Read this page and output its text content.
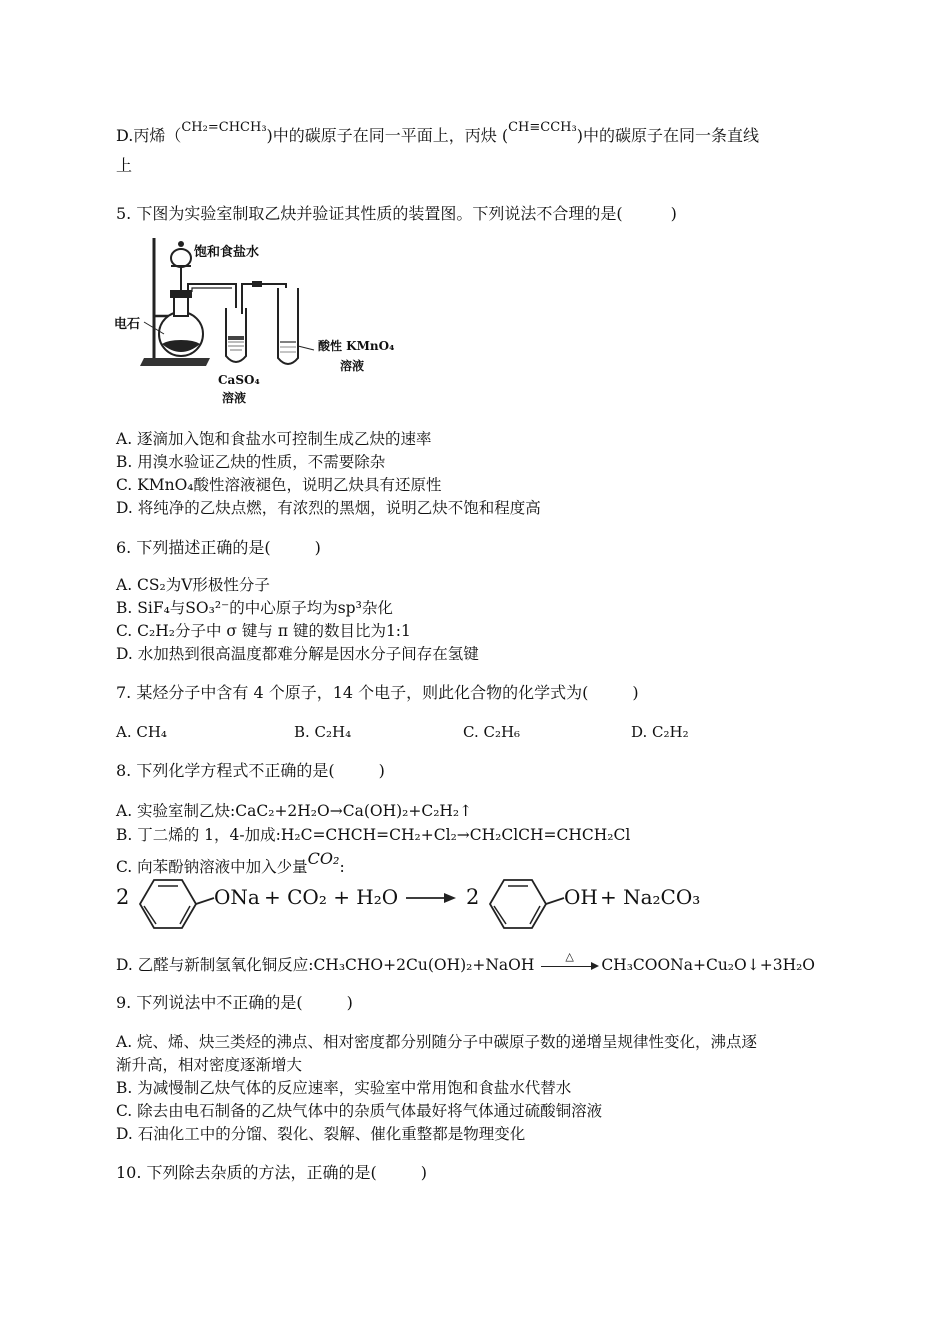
D.丙烯（$^{CH_2=CHCH_3}$)中的碳原子在同一平面上，丙炔 ($^{CH\equiv CCH_3}$)中的碳原子在同一条直线
上
5. 下图为实验室制取乙炔并验证其性质的装置图。下列说法不合理的是(	)
饱和食盐水
电石
CaSO₄
溶液
酸性 KMnO₄
溶液
A. 逐滴加入饱和食盐水可控制生成乙炔的速率
B. 用溴水验证乙炔的性质，不需要除杂
C. KMnO₄酸性溶液褪色，说明乙炔具有还原性
D. 将纯净的乙炔点燃，有浓烈的黑烟，说明乙炔不饱和程度高
6. 下列描述正确的是(	)
A. CS₂为V形极性分子
B. SiF₄与SO₃²⁻的中心原子均为sp³杂化
C. C₂H₂分子中 σ 键与 π 键的数目比为1:1
D. 水加热到很高温度都难分解是因水分子间存在氢键
7. 某烃分子中含有 4 个原子，14 个电子，则此化合物的化学式为(	)
A. CH₄	B. C₂H₄	C. C₂H₆	D. C₂H₂
8. 下列化学方程式不正确的是(	)
A. 实验室制乙炔:CaC₂+2H₂O→Ca(OH)₂+C₂H₂↑
B. 丁二烯的 1，4-加成:H₂C=CHCH=CH₂+Cl₂→CH₂ClCH=CHCH₂Cl
C. 向苯酚钠溶液中加入少量CO₂:
2	ONa + CO₂ + H₂O	2	OH + Na₂CO₃
D. 乙醛与新制氢氧化铜反应:CH₃CHO+2Cu(OH)₂+NaOH	△ CH₃COONa+Cu₂O↓+3H₂O
9. 下列说法中不正确的是(	)
A. 烷、烯、炔三类烃的沸点、相对密度都分别随分子中碳原子数的递增呈规律性变化，沸点逐
渐升高，相对密度逐渐增大
B. 为减慢制乙炔气体的反应速率，实验室中常用饱和食盐水代替水
C. 除去由电石制备的乙炔气体中的杂质气体最好将气体通过硫酸铜溶液
D. 石油化工中的分馏、裂化、裂解、催化重整都是物理变化
10. 下列除去杂质的方法，正确的是(	)
